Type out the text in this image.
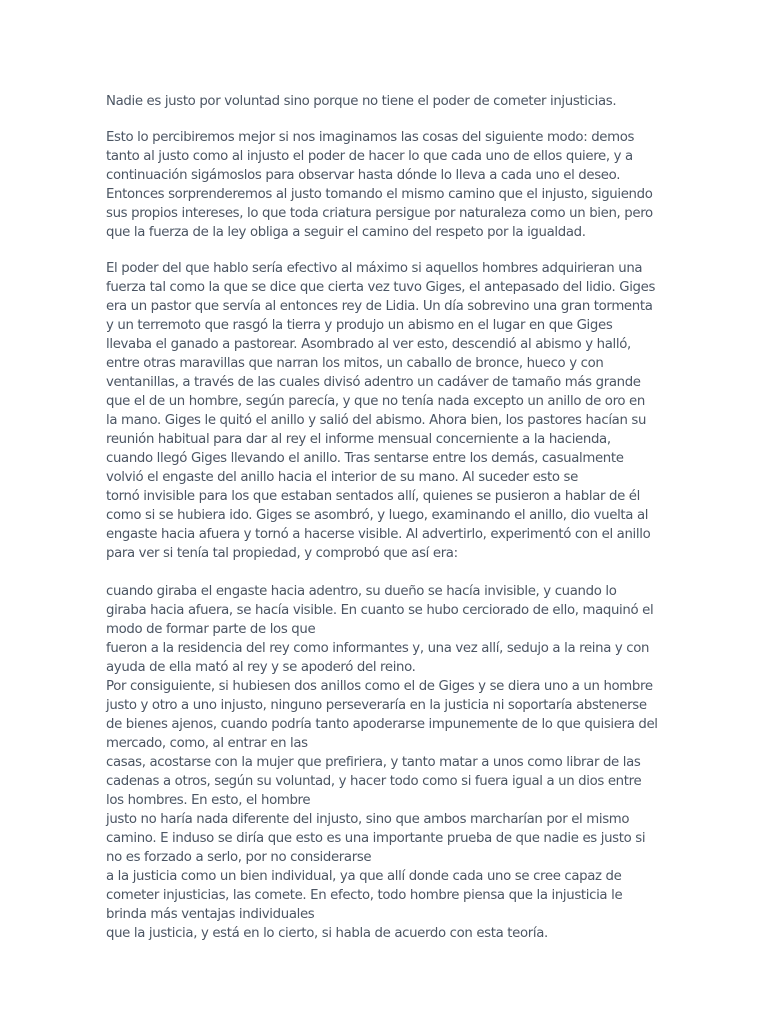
Nadie es justo por voluntad sino porque no tiene el poder de cometer injusticias.
Esto lo percibiremos mejor si nos imaginamos las cosas del siguiente modo: demos
tanto al justo como al injusto el poder de hacer lo que cada uno de ellos quiere, y a
continuación sigámoslos para observar hasta dónde lo lleva a cada uno el deseo.
Entonces sorprenderemos al justo tomando el mismo camino que el injusto, siguiendo
sus propios intereses, lo que toda criatura persigue por naturaleza como un bien, pero
que la fuerza de la ley obliga a seguir el camino del respeto por la igualdad.
El poder del que hablo sería efectivo al máximo si aquellos hombres adquirieran una
fuerza tal como la que se dice que cierta vez tuvo Giges, el antepasado del lidio. Giges
era un pastor que servía al entonces rey de Lidia. Un día sobrevino una gran tormenta
y un terremoto que rasgó la tierra y produjo un abismo en el lugar en que Giges
llevaba el ganado a pastorear. Asombrado al ver esto, descendió al abismo y halló,
entre otras maravillas que narran los mitos, un caballo de bronce, hueco y con
ventanillas, a través de las cuales divisó adentro un cadáver de tamaño más grande
que el de un hombre, según parecía, y que no tenía nada excepto un anillo de oro en
la mano. Giges le quitó el anillo y salió del abismo. Ahora bien, los pastores hacían su
reunión habitual para dar al rey el informe mensual concerniente a la hacienda,
cuando llegó Giges llevando el anillo. Tras sentarse entre los demás, casualmente
volvió el engaste del anillo hacia el interior de su mano. Al suceder esto se
tornó invisible para los que estaban sentados allí, quienes se pusieron a hablar de él
como si se hubiera ido. Giges se asombró, y luego, examinando el anillo, dio vuelta al
engaste hacia afuera y tornó a hacerse visible. Al advertirlo, experimentó con el anillo
para ver si tenía tal propiedad, y comprobó que así era:
cuando giraba el engaste hacia adentro, su dueño se hacía invisible, y cuando lo
giraba hacia afuera, se hacía visible. En cuanto se hubo cerciorado de ello, maquinó el
modo de formar parte de los que
fueron a la residencia del rey como informantes y, una vez allí, sedujo a la reina y con
ayuda de ella mató al rey y se apoderó del reino.
Por consiguiente, si hubiesen dos anillos como el de Giges y se diera uno a un hombre
justo y otro a uno injusto, ninguno perseveraría en la justicia ni soportaría abstenerse
de bienes ajenos, cuando podría tanto apoderarse impunemente de lo que quisiera del
mercado, como, al entrar en las
casas, acostarse con la mujer que prefiriera, y tanto matar a unos como librar de las
cadenas a otros, según su voluntad, y hacer todo como si fuera igual a un dios entre
los hombres. En esto, el hombre
justo no haría nada diferente del injusto, sino que ambos marcharían por el mismo
camino. E induso se diría que esto es una importante prueba de que nadie es justo si
no es forzado a serlo, por no considerarse
a la justicia como un bien individual, ya que allí donde cada uno se cree capaz de
cometer injusticias, las comete. En efecto, todo hombre piensa que la injusticia le
brinda más ventajas individuales
que la justicia, y está en lo cierto, si habla de acuerdo con esta teoría.
